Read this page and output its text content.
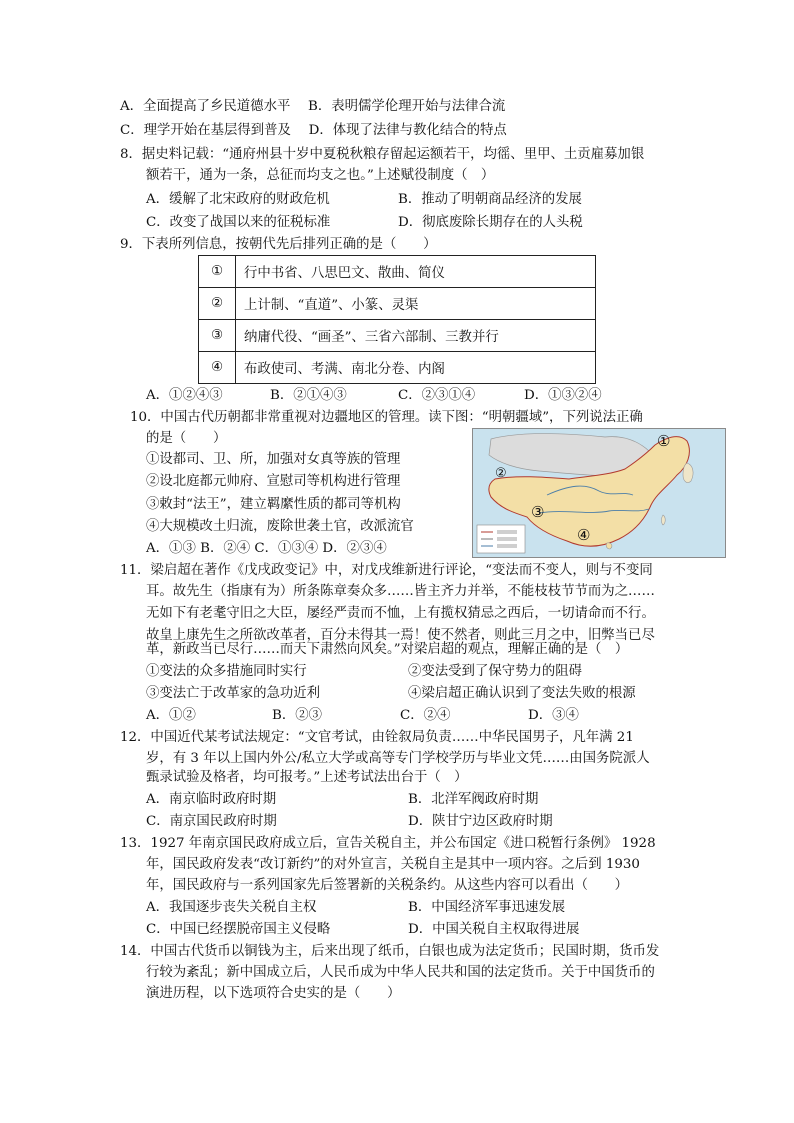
A．全面提高了乡民道德水平　 B．表明儒学伦理开始与法律合流
C．理学开始在基层得到普及　 D．体现了法律与教化结合的特点
8．据史料记载：“通府州县十岁中夏税秋粮存留起运额若干，均徭、里甲、土贡雇募加银
额若干，通为一条，总征而均支之也。”上述赋役制度（　）
A．缓解了北宋政府的财政危机	B．推动了明朝商品经济的发展
C．改变了战国以来的征税标准	D．彻底废除长期存在的人头税
9．下表所列信息，按朝代先后排列正确的是（　　）
①	行中书省、八思巴文、散曲、简仪
②	上计制、“直道”、小篆、灵渠
③	纳庸代役、“画圣”、三省六部制、三教并行
④	布政使司、考满、南北分卷、内阁
A．①②④③	B．②①④③	C．②③①④	D．①③②④
10．中国古代历朝都非常重视对边疆地区的管理。读下图：“明朝疆域”，下列说法正确
的是（　　）
①设都司、卫、所，加强对女真等族的管理
②设北庭都元帅府、宣慰司等机构进行管理
③敕封“法王”，建立羁縻性质的都司等机构
④大规模改土归流，废除世袭土官，改派流官
A．①③ B．②④ C．①③④ D．②③④
①
②
③
④
11．梁启超在著作《戊戌政变记》中，对戊戌维新进行评论，“变法而不变人，则与不变同
耳。故先生（指康有为）所条陈章奏众多……皆主齐力并举，不能枝枝节节而为之……
无如下有老耄守旧之大臣，屡经严责而不恤，上有揽权猜忌之西后，一切请命而不行。
故皇上康先生之所欲改革者，百分未得其一焉！使不然者，则此三月之中，旧弊当已尽
革，新政当已尽行……而天下肃然向风矣。”对梁启超的观点，理解正确的是（　）
①变法的众多措施同时实行	②变法受到了保守势力的阻碍
③变法亡于改革家的急功近利	④梁启超正确认识到了变法失败的根源
A．①②	B．②③	C．②④	D．③④
12．中国近代某考试法规定：“文官考试，由铨叙局负责……中华民国男子，凡年满 21
岁，有 3 年以上国内外公/私立大学或高等专门学校学历与毕业文凭……由国务院派人
甄录试验及格者，均可报考。”上述考试法出台于（　）
A．南京临时政府时期	B．北洋军阀政府时期
C．南京国民政府时期	D．陕甘宁边区政府时期
13．1927 年南京国民政府成立后，宣告关税自主，并公布国定《进口税暂行条例》 1928
年，国民政府发表“改订新约”的对外宣言，关税自主是其中一项内容。之后到 1930
年，国民政府与一系列国家先后签署新的关税条约。从这些内容可以看出（　　）
A．我国逐步丧失关税自主权	B．中国经济军事迅速发展
C．中国已经摆脱帝国主义侵略	D．中国关税自主权取得进展
14．中国古代货币以铜钱为主，后来出现了纸币，白银也成为法定货币；民国时期，货币发
行较为紊乱；新中国成立后，人民币成为中华人民共和国的法定货币。关于中国货币的
演进历程，以下选项符合史实的是（　　）
